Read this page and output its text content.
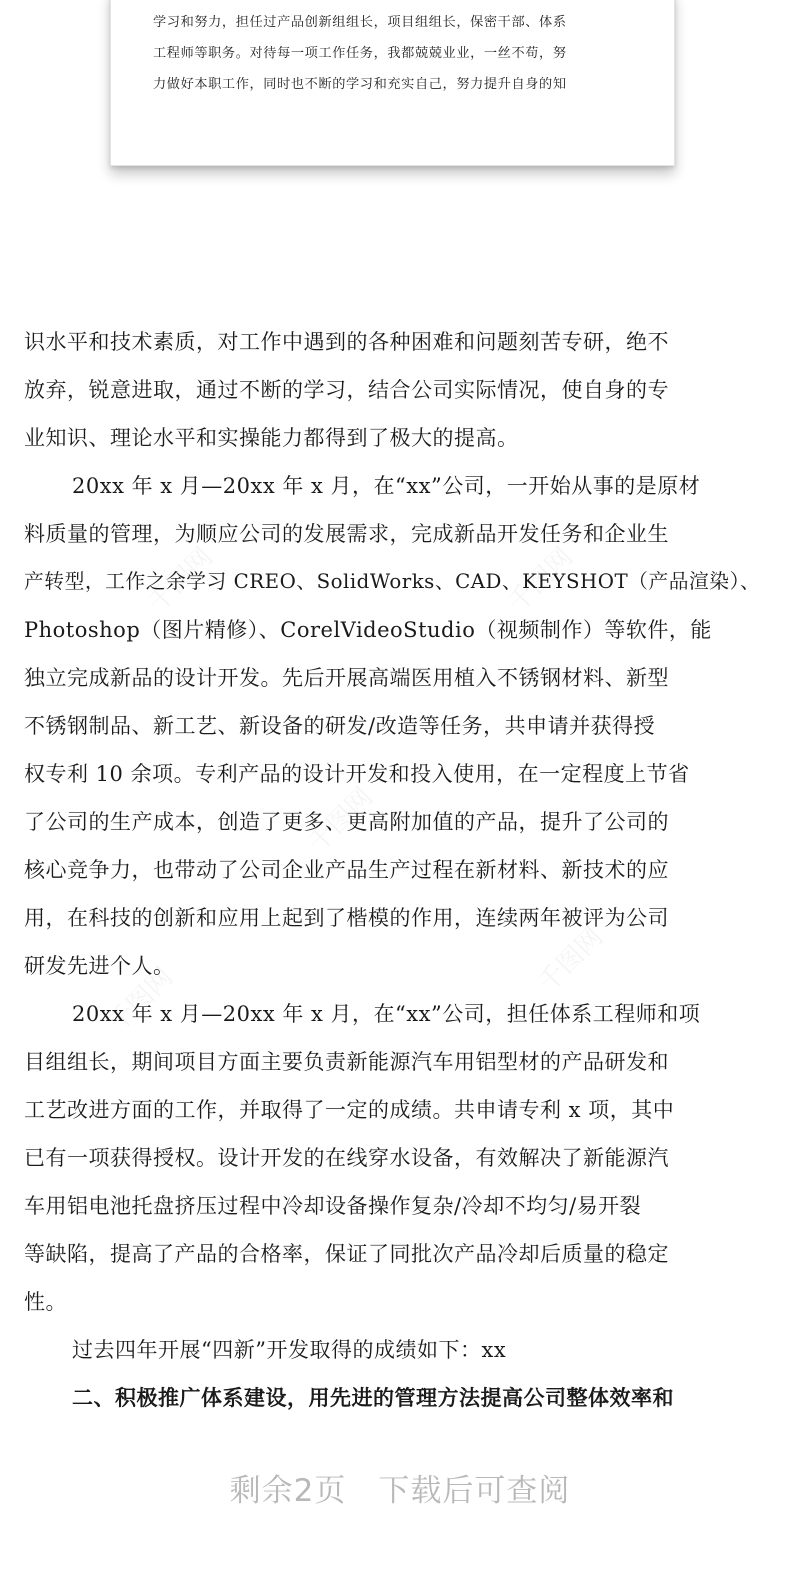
学习和努力，担任过产品创新组组长，项目组组长，保密干部、体系
工程师等职务。对待每一项工作任务，我都兢兢业业，一丝不苟，努
力做好本职工作，同时也不断的学习和充实自己，努力提升自身的知
识水平和技术素质，对工作中遇到的各种困难和问题刻苦专研，绝不
放弃，锐意进取，通过不断的学习，结合公司实际情况，使自身的专
业知识、理论水平和实操能力都得到了极大的提高。
20xx 年 x 月—20xx 年 x 月，在“xx”公司，一开始从事的是原材
料质量的管理，为顺应公司的发展需求，完成新品开发任务和企业生
产转型，工作之余学习 CREO、SolidWorks、CAD、KEYSHOT（产品渲染）、
Photoshop（图片精修）、CorelVideoStudio（视频制作）等软件，能
独立完成新品的设计开发。先后开展高端医用植入不锈钢材料、新型
不锈钢制品、新工艺、新设备的研发/改造等任务，共申请并获得授
权专利 10 余项。专利产品的设计开发和投入使用，在一定程度上节省
了公司的生产成本，创造了更多、更高附加值的产品，提升了公司的
核心竞争力，也带动了公司企业产品生产过程在新材料、新技术的应
用，在科技的创新和应用上起到了楷模的作用，连续两年被评为公司
研发先进个人。
20xx 年 x 月—20xx 年 x 月，在“xx”公司，担任体系工程师和项
目组组长，期间项目方面主要负责新能源汽车用铝型材的产品研发和
工艺改进方面的工作，并取得了一定的成绩。共申请专利 x 项，其中
已有一项获得授权。设计开发的在线穿水设备，有效解决了新能源汽
车用铝电池托盘挤压过程中冷却设备操作复杂/冷却不均匀/易开裂
等缺陷，提高了产品的合格率，保证了同批次产品冷却后质量的稳定
性。
过去四年开展“四新”开发取得的成绩如下：xx
二、积极推广体系建设，用先进的管理方法提高公司整体效率和
剩余2页 下载后可查阅
